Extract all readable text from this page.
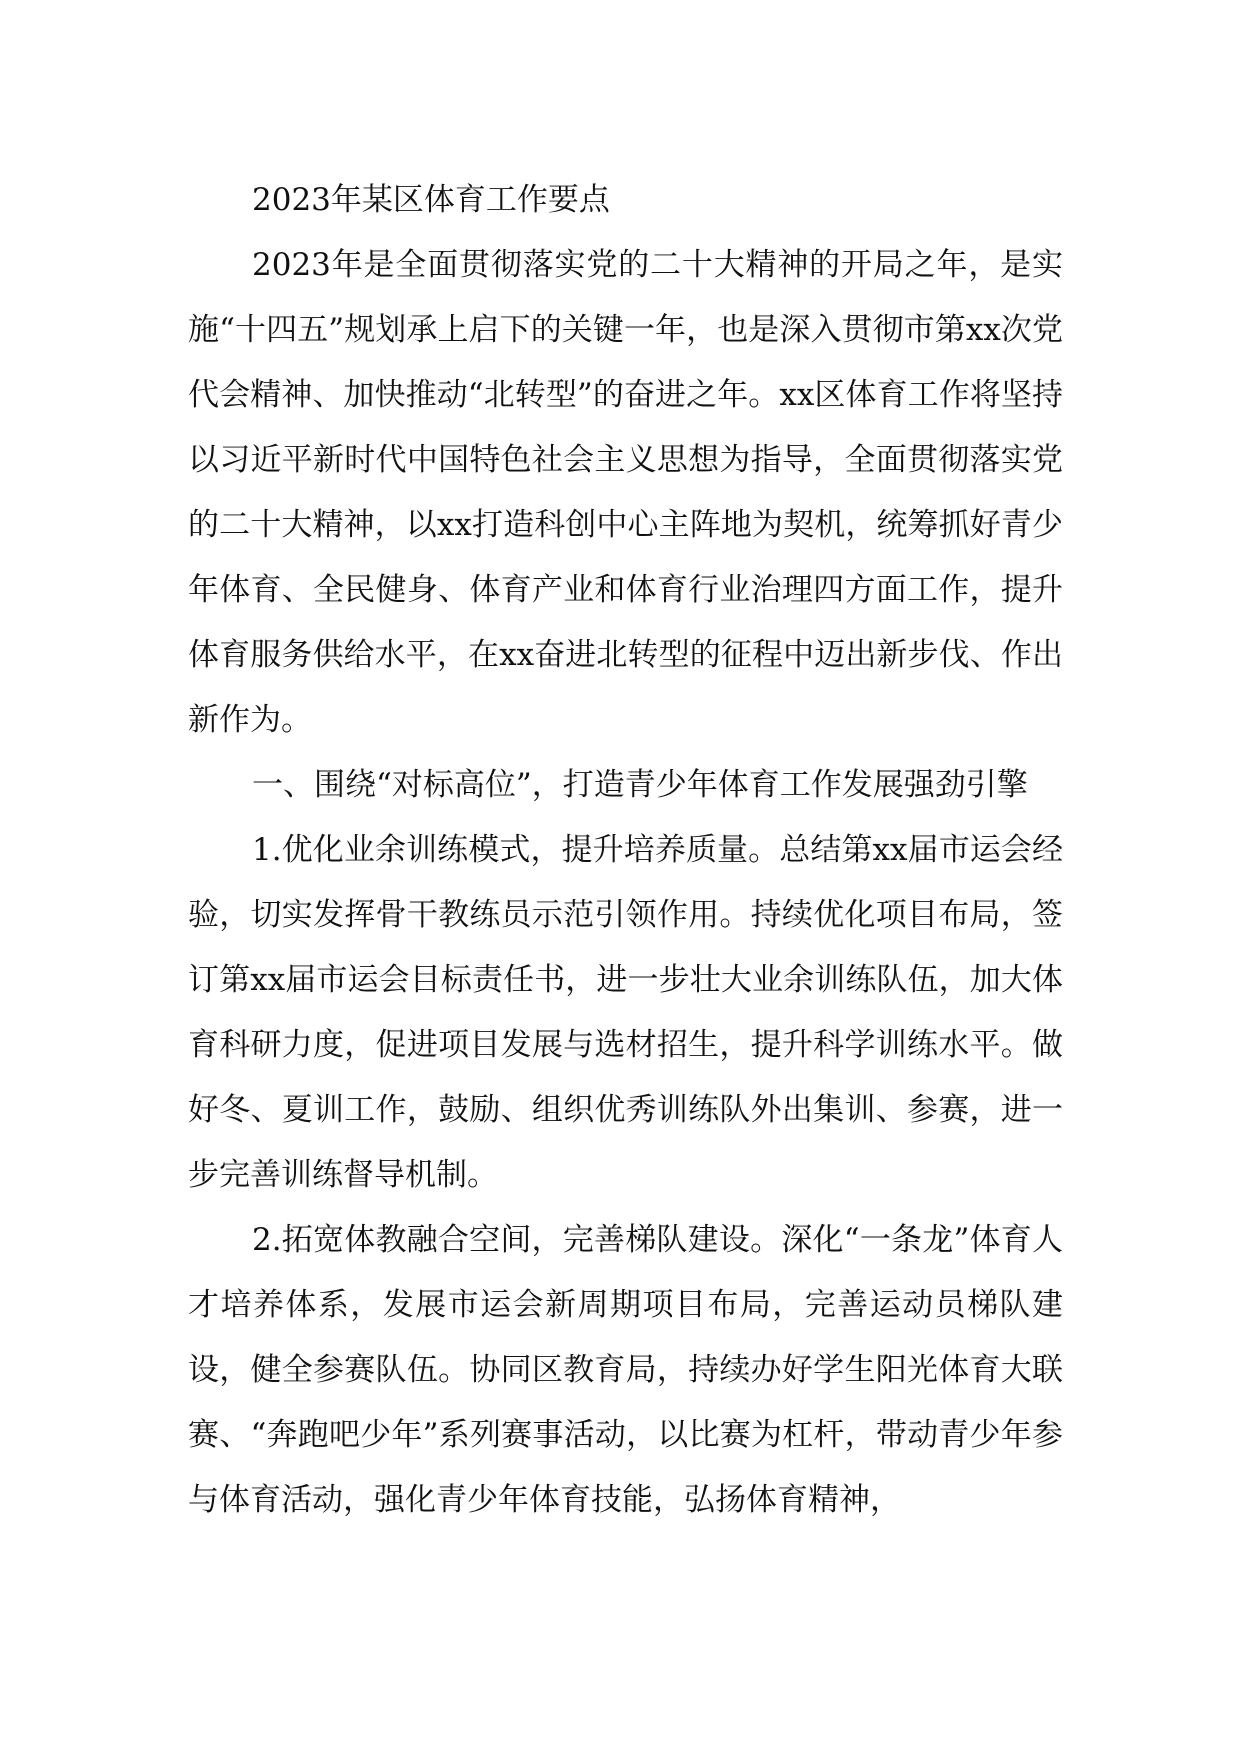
2023年某区体育工作要点

2023年是全面贯彻落实党的二十大精神的开局之年，是实施“十四五”规划承上启下的关键一年，也是深入贯彻市第xx次党代会精神、加快推动“北转型”的奋进之年。xx区体育工作将坚持以习近平新时代中国特色社会主义思想为指导，全面贯彻落实党的二十大精神，以xx打造科创中心主阵地为契机，统筹抓好青少年体育、全民健身、体育产业和体育行业治理四方面工作，提升体育服务供给水平，在xx奋进北转型的征程中迈出新步伐、作出新作为。

一、围绕“对标高位”，打造青少年体育工作发展强劲引擎

1.优化业余训练模式，提升培养质量。总结第xx届市运会经验，切实发挥骨干教练员示范引领作用。持续优化项目布局，签订第xx届市运会目标责任书，进一步壮大业余训练队伍，加大体育科研力度，促进项目发展与选材招生，提升科学训练水平。做好冬、夏训工作，鼓励、组织优秀训练队外出集训、参赛，进一步完善训练督导机制。

2.拓宽体教融合空间，完善梯队建设。深化“一条龙”体育人才培养体系，发展市运会新周期项目布局，完善运动员梯队建设，健全参赛队伍。协同区教育局，持续办好学生阳光体育大联赛、“奔跑吧少年”系列赛事活动，以比赛为杠杆，带动青少年参与体育活动，强化青少年体育技能，弘扬体育精神，
